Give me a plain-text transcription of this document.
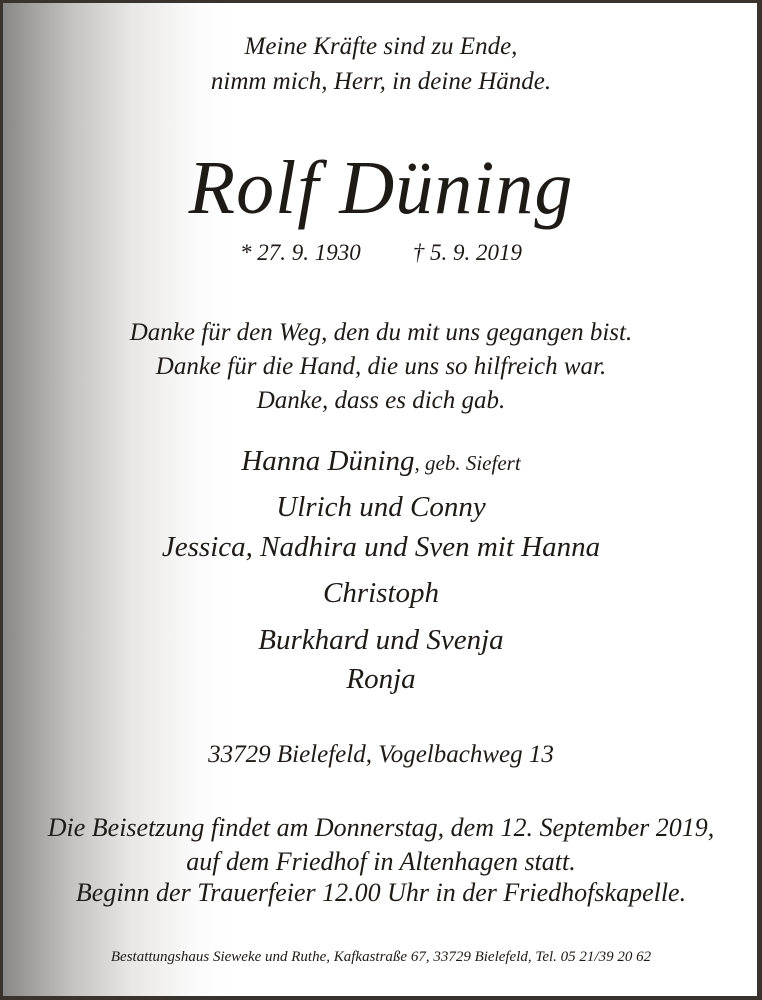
Meine Kräfte sind zu Ende,
nimm mich, Herr, in deine Hände.
Rolf Düning
* 27. 9. 1930 † 5. 9. 2019
Danke für den Weg, den du mit uns gegangen bist.
Danke für die Hand, die uns so hilfreich war.
Danke, dass es dich gab.
Hanna Düning, geb. Siefert
Ulrich und Conny
Jessica, Nadhira und Sven mit Hanna
Christoph
Burkhard und Svenja
Ronja
33729 Bielefeld, Vogelbachweg 13
Die Beisetzung findet am Donnerstag, dem 12. September 2019,
auf dem Friedhof in Altenhagen statt.
Beginn der Trauerfeier 12.00 Uhr in der Friedhofskapelle.
Bestattungshaus Sieweke und Ruthe, Kafkastraße 67, 33729 Bielefeld, Tel. 05 21/39 20 62
